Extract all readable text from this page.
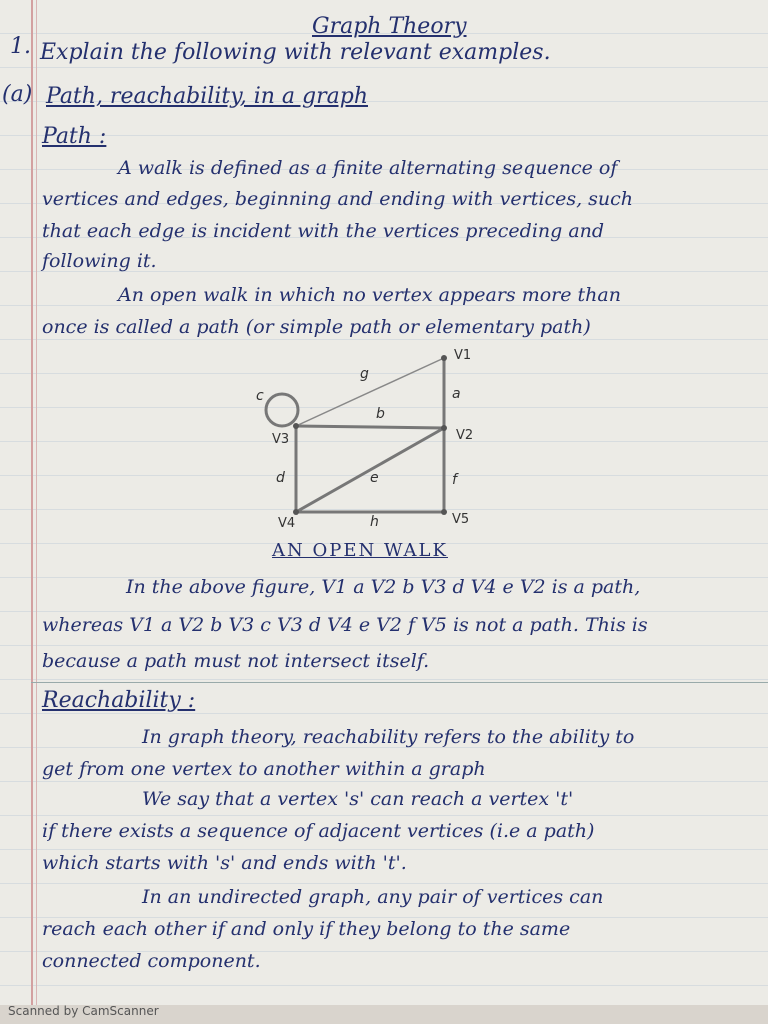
Graph Theory
1. Explain the following with relevant examples.
(a) Path, reachability, in a graph
Path :
A walk is defined as a finite alternating sequence of
vertices and edges, beginning and ending with vertices, such
that each edge is incident with the vertices preceding and
following it.
An open walk in which no vertex appears more than
once is called a path (or simple path or elementary path)
V1
V2
V3
V4	V5
a
b
c
d	e	f
g
h
AN OPEN WALK
In the above figure, V1 a V2 b V3 d V4 e V2 is a path,
whereas V1 a V2 b V3 c V3 d V4 e V2 f V5 is not a path. This is
because a path must not intersect itself.
Reachability :
In graph theory, reachability refers to the ability to
get from one vertex to another within a graph
We say that a vertex 's' can reach a vertex 't'
if there exists a sequence of adjacent vertices (i.e a path)
which starts with 's' and ends with 't'.
In an undirected graph, any pair of vertices can
reach each other if and only if they belong to the same
connected component.
Scanned by CamScanner
